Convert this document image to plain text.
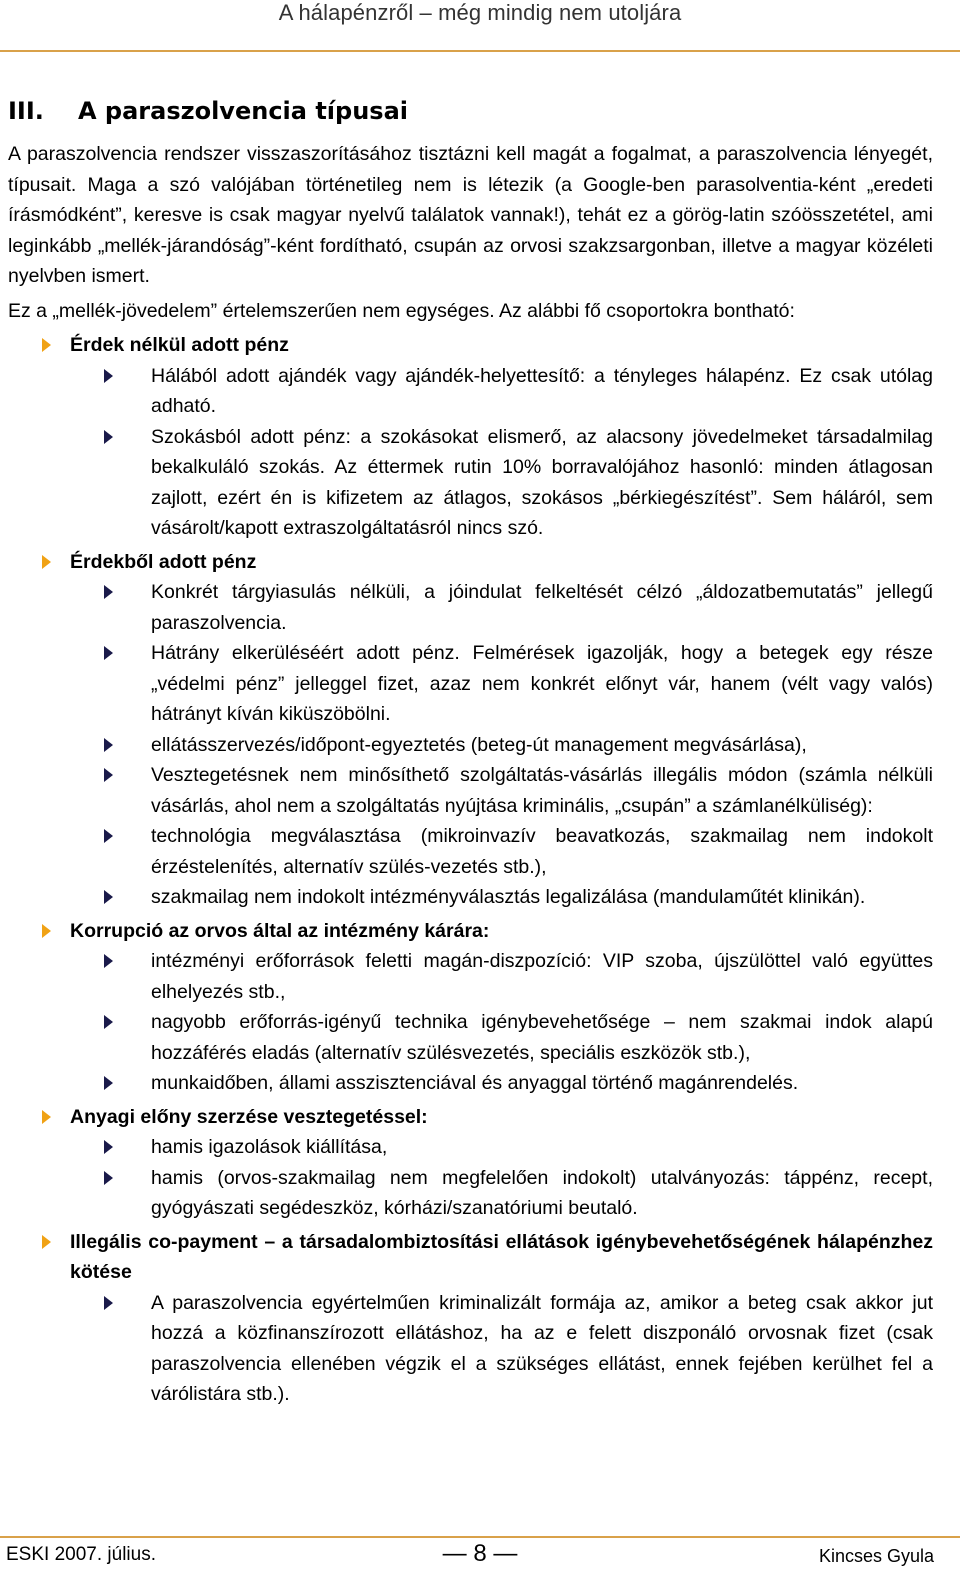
A hálapénzről – még mindig nem utoljára
III. A paraszolvencia típusai
A paraszolvencia rendszer visszaszorításához tisztázni kell magát a fogalmat, a paraszolvencia lényegét, típusait. Maga a szó valójában történetileg nem is létezik (a Google-ben parasolventia-ként „eredeti írásmódként”, keresve is csak magyar nyelvű találatok vannak!), tehát ez a görög-latin szóösszetétel, ami leginkább „mellék-járandóság”-ként fordítható, csupán az orvosi szakzsargonban, illetve a magyar közéleti nyelvben ismert.
Ez a „mellék-jövedelem” értelemszerűen nem egységes. Az alábbi fő csoportokra bontható:
Érdek nélkül adott pénz
Hálából adott ajándék vagy ajándék-helyettesítő: a tényleges hálapénz. Ez csak utólag adható.
Szokásból adott pénz: a szokásokat elismerő, az alacsony jövedelmeket társadalmilag bekalkuláló szokás. Az éttermek rutin 10% borravalójához hasonló: minden átlagosan zajlott, ezért én is kifizetem az átlagos, szokásos „bérkiegészítést”. Sem háláról, sem vásárolt/kapott extraszolgáltatásról nincs szó.
Érdekből adott pénz
Konkrét tárgyiasulás nélküli, a jóindulat felkeltését célzó „áldozatbemutatás” jellegű paraszolvencia.
Hátrány elkerüléséért adott pénz. Felmérések igazolják, hogy a betegek egy része „védelmi pénz” jelleggel fizet, azaz nem konkrét előnyt vár, hanem (vélt vagy valós) hátrányt kíván kiküszöbölni.
ellátásszervezés/időpont-egyeztetés (beteg-út management megvásárlása),
Vesztegetésnek nem minősíthető szolgáltatás-vásárlás illegális módon (számla nélküli vásárlás, ahol nem a szolgáltatás nyújtása kriminális, „csupán” a számlanélküliség):
technológia megválasztása (mikroinvazív beavatkozás, szakmailag nem indokolt érzéstelenítés, alternatív szülés-vezetés stb.),
szakmailag nem indokolt intézményválasztás legalizálása (mandulaműtét klinikán).
Korrupció az orvos által az intézmény kárára:
intézményi erőforrások feletti magán-diszpozíció: VIP szoba, újszülöttel való együttes elhelyezés stb.,
nagyobb erőforrás-igényű technika igénybevehetősége – nem szakmai indok alapú hozzáférés eladás (alternatív szülésvezetés, speciális eszközök stb.),
munkaidőben, állami asszisztenciával és anyaggal történő magánrendelés.
Anyagi előny szerzése vesztegetéssel:
hamis igazolások kiállítása,
hamis (orvos-szakmailag nem megfelelően indokolt) utalványozás: táppénz, recept, gyógyászati segédeszköz, kórházi/szanatóriumi beutaló.
Illegális co-payment – a társadalombiztosítási ellátások igénybevehetőségének hálapénzhez kötése
A paraszolvencia egyértelműen kriminalizált formája az, amikor a beteg csak akkor jut hozzá a közfinanszírozott ellátáshoz, ha az e felett diszponáló orvosnak fizet (csak paraszolvencia ellenében végzik el a szükséges ellátást, ennek fejében kerülhet fel a várólistára stb.).
ESKI 2007. július.	— 8 —	Kincses Gyula
